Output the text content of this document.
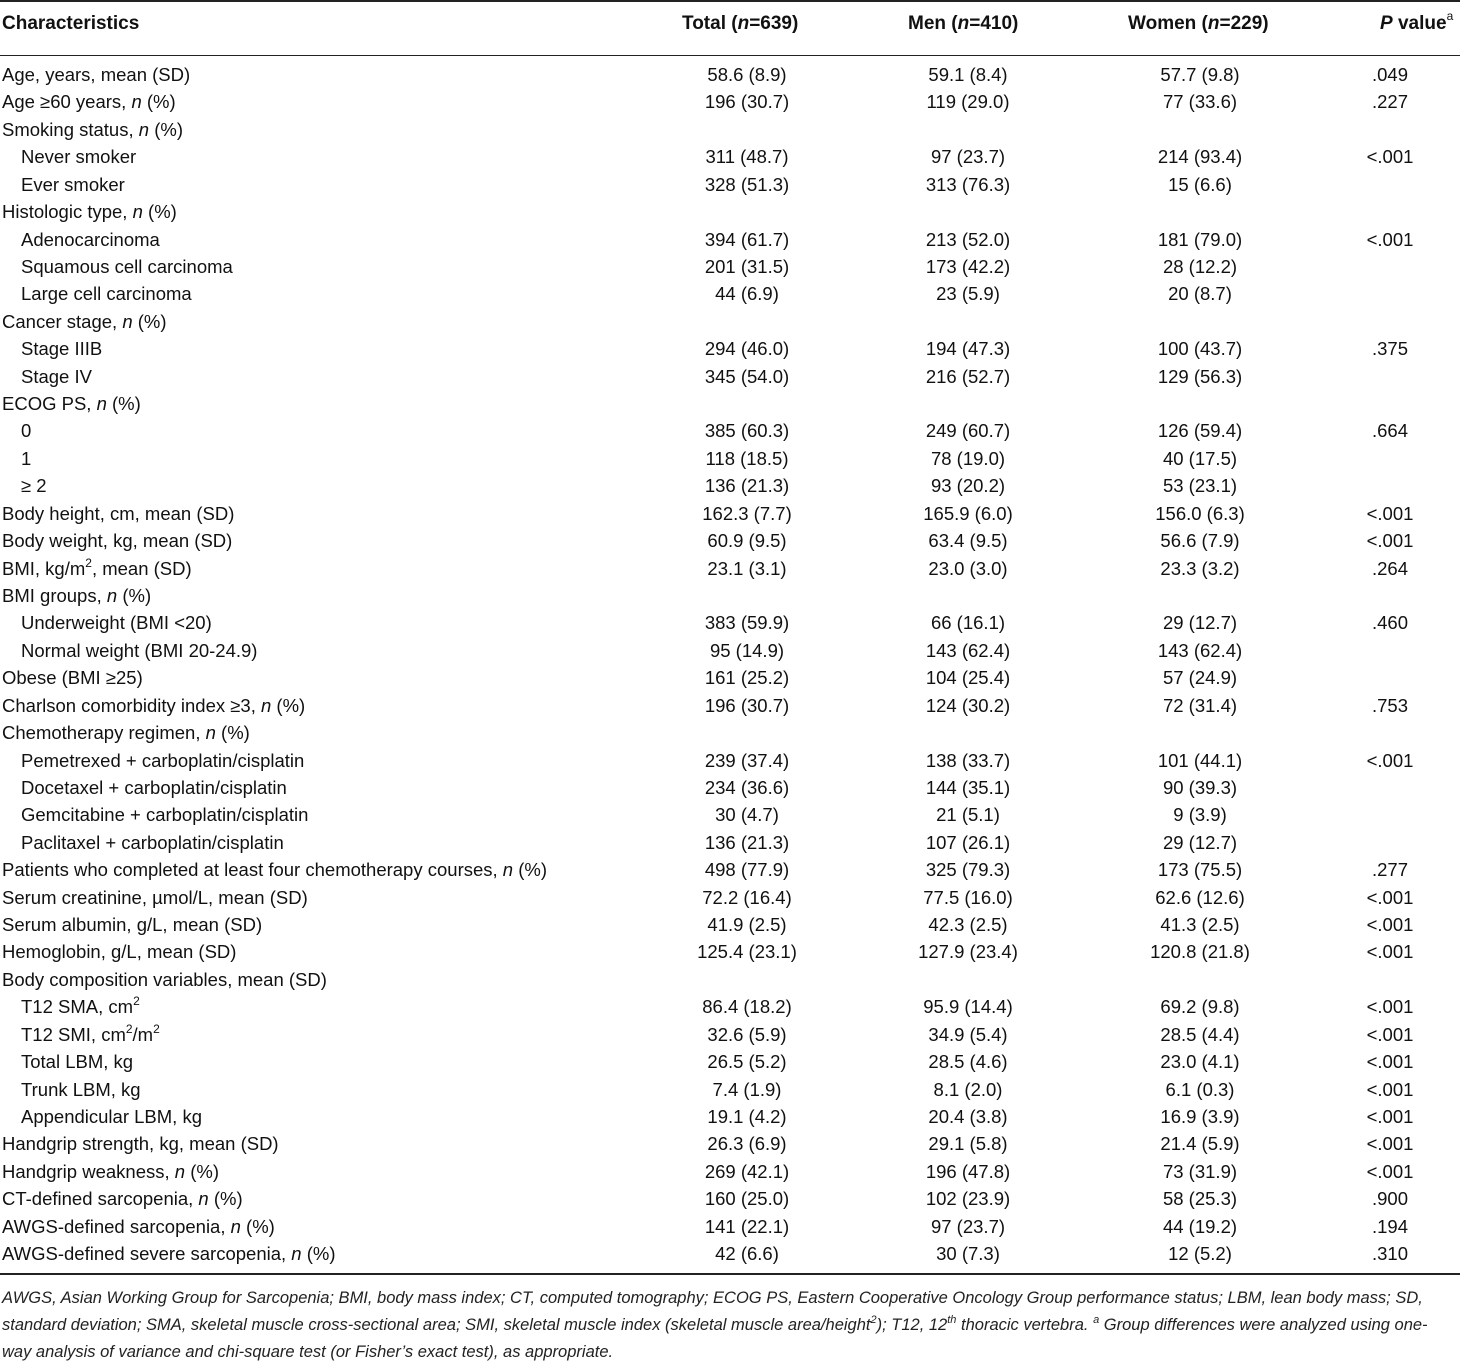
Characteristics	Total (n=639)	Men (n=410)	Women (n=229)	P value$^a$
Age, years, mean (SD)	58.6 (8.9)	59.1 (8.4)	57.7 (9.8)	.049
Age ≥60 years, n (%)	196 (30.7)	119 (29.0)	77 (33.6)	.227
Smoking status, n (%)
Never smoker	311 (48.7)	97 (23.7)	214 (93.4)	<.001
Ever smoker	328 (51.3)	313 (76.3)	15 (6.6)
Histologic type, n (%)
Adenocarcinoma	394 (61.7)	213 (52.0)	181 (79.0)	<.001
Squamous cell carcinoma	201 (31.5)	173 (42.2)	28 (12.2)
Large cell carcinoma	44 (6.9)	23 (5.9)	20 (8.7)
Cancer stage, n (%)
Stage IIIB	294 (46.0)	194 (47.3)	100 (43.7)	.375
Stage IV	345 (54.0)	216 (52.7)	129 (56.3)
ECOG PS, n (%)
0	385 (60.3)	249 (60.7)	126 (59.4)	.664
1	118 (18.5)	78 (19.0)	40 (17.5)
≥ 2	136 (21.3)	93 (20.2)	53 (23.1)
Body height, cm, mean (SD)	162.3 (7.7)	165.9 (6.0)	156.0 (6.3)	<.001
Body weight, kg, mean (SD)	60.9 (9.5)	63.4 (9.5)	56.6 (7.9)	<.001
BMI, $kg/m^2$, mean (SD)	23.1 (3.1)	23.0 (3.0)	23.3 (3.2)	.264
BMI groups, n (%)
Underweight (BMI <20)	383 (59.9)	66 (16.1)	29 (12.7)	.460
Normal weight (BMI 20-24.9)	95 (14.9)	143 (62.4)	143 (62.4)
Obese (BMI ≥25)	161 (25.2)	104 (25.4)	57 (24.9)
Charlson comorbidity index ≥3, n (%)	196 (30.7)	124 (30.2)	72 (31.4)	.753
Chemotherapy regimen, n (%)
Pemetrexed + carboplatin/cisplatin	239 (37.4)	138 (33.7)	101 (44.1)	<.001
Docetaxel + carboplatin/cisplatin	234 (36.6)	144 (35.1)	90 (39.3)
Gemcitabine + carboplatin/cisplatin	30 (4.7)	21 (5.1)	9 (3.9)
Paclitaxel + carboplatin/cisplatin	136 (21.3)	107 (26.1)	29 (12.7)
Patients who completed at least four chemotherapy courses, n (%)	498 (77.9)	325 (79.3)	173 (75.5)	.277
Serum creatinine, µmol/L, mean (SD)	72.2 (16.4)	77.5 (16.0)	62.6 (12.6)	<.001
Serum albumin, g/L, mean (SD)	41.9 (2.5)	42.3 (2.5)	41.3 (2.5)	<.001
Hemoglobin, g/L, mean (SD)	125.4 (23.1)	127.9 (23.4)	120.8 (21.8)	<.001
Body composition variables, mean (SD)
T12 SMA, $cm^2$	86.4 (18.2)	95.9 (14.4)	69.2 (9.8)	<.001
T12 SMI, $cm^2/m^2$	32.6 (5.9)	34.9 (5.4)	28.5 (4.4)	<.001
Total LBM, kg	26.5 (5.2)	28.5 (4.6)	23.0 (4.1)	<.001
Trunk LBM, kg	7.4 (1.9)	8.1 (2.0)	6.1 (0.3)	<.001
Appendicular LBM, kg	19.1 (4.2)	20.4 (3.8)	16.9 (3.9)	<.001
Handgrip strength, kg, mean (SD)	26.3 (6.9)	29.1 (5.8)	21.4 (5.9)	<.001
Handgrip weakness, n (%)	269 (42.1)	196 (47.8)	73 (31.9)	<.001
CT-defined sarcopenia, n (%)	160 (25.0)	102 (23.9)	58 (25.3)	.900
AWGS-defined sarcopenia, n (%)	141 (22.1)	97 (23.7)	44 (19.2)	.194
AWGS-defined severe sarcopenia, n (%)	42 (6.6)	30 (7.3)	12 (5.2)	.310
AWGS, Asian Working Group for Sarcopenia; BMI, body mass index; CT, computed tomography; ECOG PS, Eastern Cooperative Oncology Group performance status; LBM, lean body mass; SD, standard deviation; SMA, skeletal muscle cross-sectional area; SMI, skeletal muscle index (skeletal muscle area/height$^2$); T12, 12th thoracic vertebra. $^a$ Group differences were analyzed using one-way analysis of variance and chi-square test (or Fisher’s exact test), as appropriate.
